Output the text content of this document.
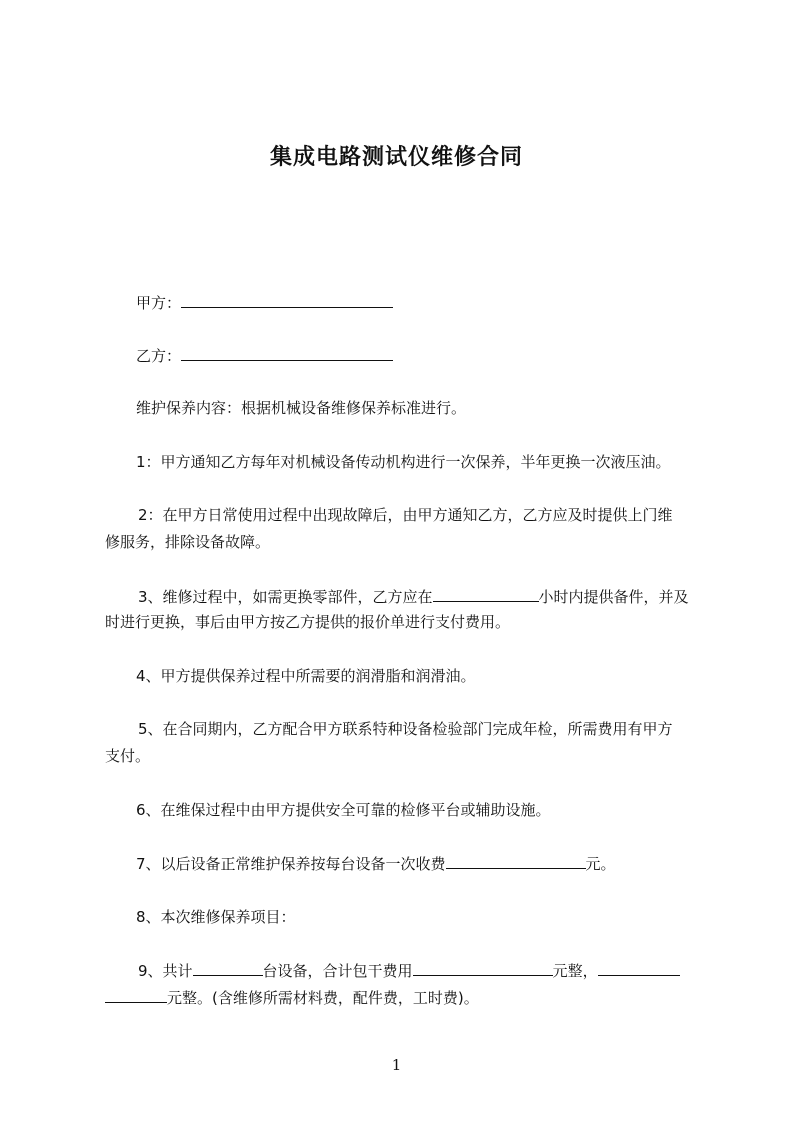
集成电路测试仪维修合同

甲方：

乙方：

维护保养内容：根据机械设备维修保养标准进行。

1：甲方通知乙方每年对机械设备传动机构进行一次保养，半年更换一次液压油。

2：在甲方日常使用过程中出现故障后，由甲方通知乙方，乙方应及时提供上门维

修服务，排除设备故障。

3、维修过程中，如需更换零部件，乙方应在	小时内提供备件，并及

时进行更换，事后由甲方按乙方提供的报价单进行支付费用。

4、甲方提供保养过程中所需要的润滑脂和润滑油。

5、在合同期内，乙方配合甲方联系特种设备检验部门完成年检，所需费用有甲方

支付。

6、在维保过程中由甲方提供安全可靠的检修平台或辅助设施。

7、以后设备正常维护保养按每台设备一次收费	元。

8、本次维修保养项目：

9、共计	台设备，合计包干费用	元整，

元整。(含维修所需材料费，配件费，工时费)。

1
